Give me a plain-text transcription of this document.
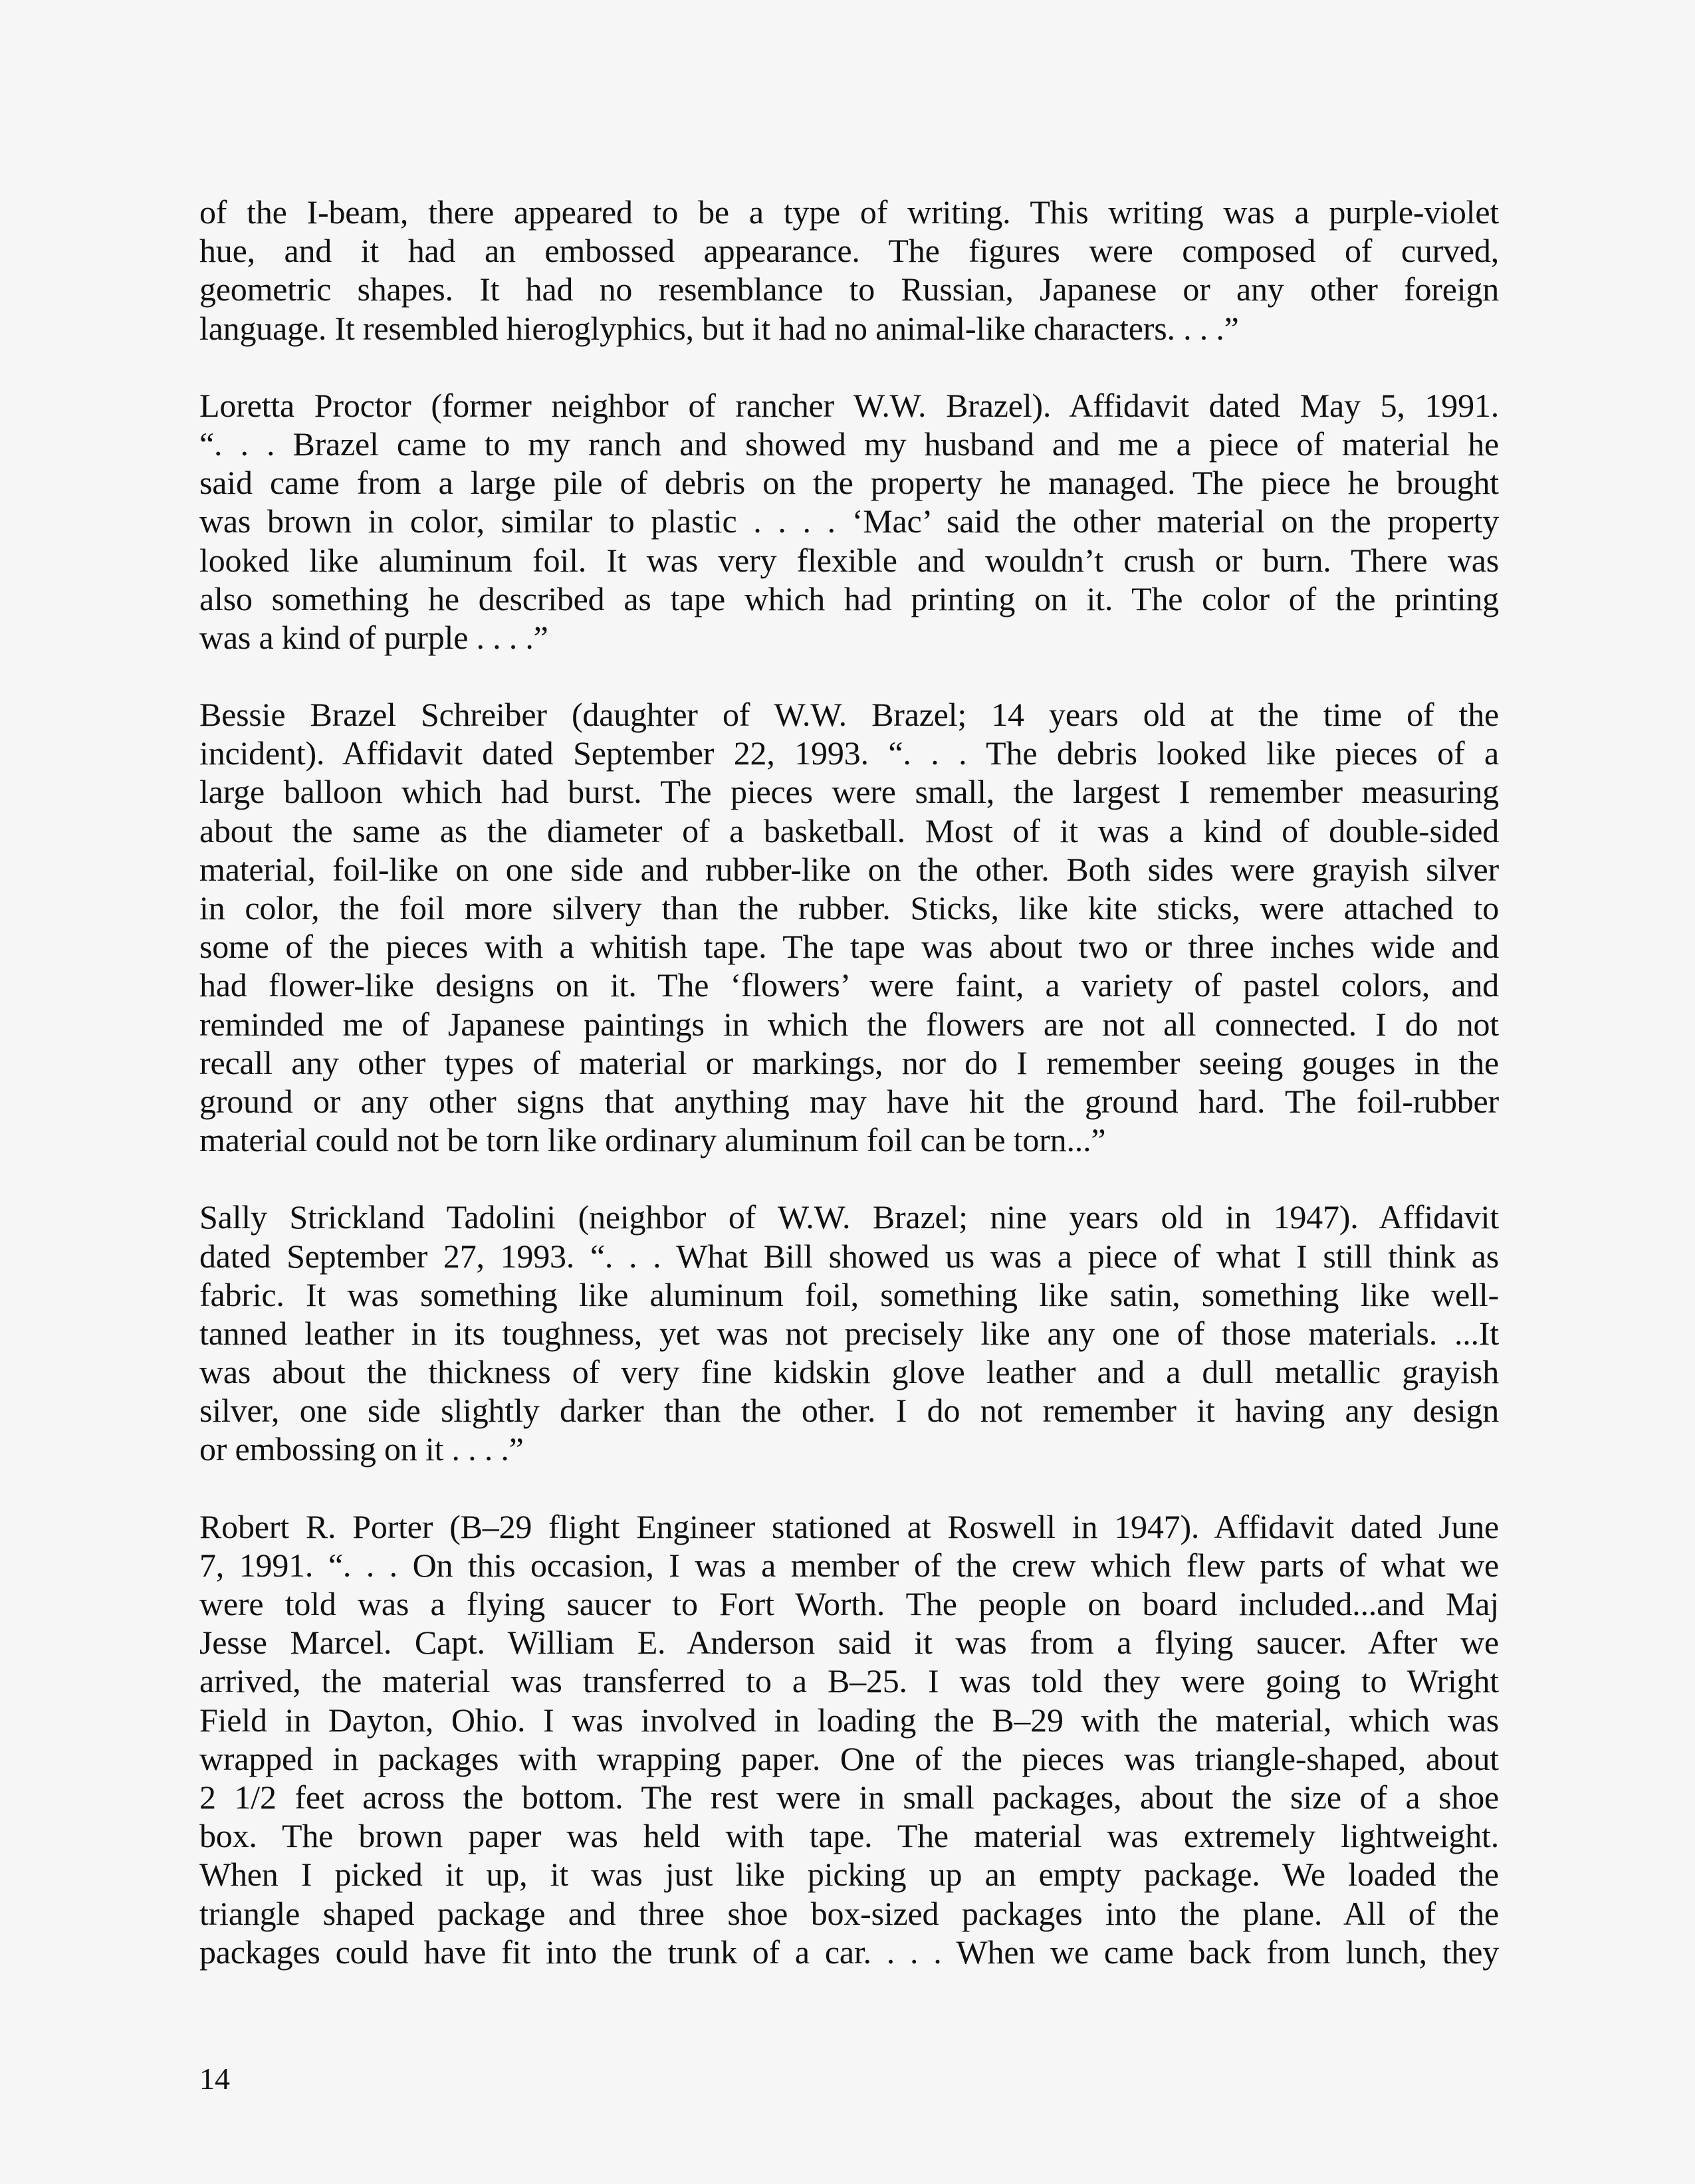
of the I-beam, there appeared to be a type of writing. This writing was a purple-violet
hue, and it had an embossed appearance. The figures were composed of curved,
geometric shapes. It had no resemblance to Russian, Japanese or any other foreign
language. It resembled hieroglyphics, but it had no animal-like characters. . . .”
Loretta Proctor (former neighbor of rancher W.W. Brazel). Affidavit dated May 5, 1991.
“. . . Brazel came to my ranch and showed my husband and me a piece of material he
said came from a large pile of debris on the property he managed. The piece he brought
was brown in color, similar to plastic . . . . ‘Mac’ said the other material on the property
looked like aluminum foil. It was very flexible and wouldn’t crush or burn. There was
also something he described as tape which had printing on it. The color of the printing
was a kind of purple . . . .”
Bessie Brazel Schreiber (daughter of W.W. Brazel; 14 years old at the time of the
incident). Affidavit dated September 22, 1993. “. . . The debris looked like pieces of a
large balloon which had burst. The pieces were small, the largest I remember measuring
about the same as the diameter of a basketball. Most of it was a kind of double-sided
material, foil-like on one side and rubber-like on the other. Both sides were grayish silver
in color, the foil more silvery than the rubber. Sticks, like kite sticks, were attached to
some of the pieces with a whitish tape. The tape was about two or three inches wide and
had flower-like designs on it. The ‘flowers’ were faint, a variety of pastel colors, and
reminded me of Japanese paintings in which the flowers are not all connected. I do not
recall any other types of material or markings, nor do I remember seeing gouges in the
ground or any other signs that anything may have hit the ground hard. The foil-rubber
material could not be torn like ordinary aluminum foil can be torn...”
Sally Strickland Tadolini (neighbor of W.W. Brazel; nine years old in 1947). Affidavit
dated September 27, 1993. “. . . What Bill showed us was a piece of what I still think as
fabric. It was something like aluminum foil, something like satin, something like well-
tanned leather in its toughness, yet was not precisely like any one of those materials. ...It
was about the thickness of very fine kidskin glove leather and a dull metallic grayish
silver, one side slightly darker than the other. I do not remember it having any design
or embossing on it . . . .”
Robert R. Porter (B–29 flight Engineer stationed at Roswell in 1947). Affidavit dated June
7, 1991. “. . . On this occasion, I was a member of the crew which flew parts of what we
were told was a flying saucer to Fort Worth. The people on board included...and Maj
Jesse Marcel. Capt. William E. Anderson said it was from a flying saucer. After we
arrived, the material was transferred to a B–25. I was told they were going to Wright
Field in Dayton, Ohio. I was involved in loading the B–29 with the material, which was
wrapped in packages with wrapping paper. One of the pieces was triangle-shaped, about
2 1/2 feet across the bottom. The rest were in small packages, about the size of a shoe
box. The brown paper was held with tape. The material was extremely lightweight.
When I picked it up, it was just like picking up an empty package. We loaded the
triangle shaped package and three shoe box-sized packages into the plane. All of the
packages could have fit into the trunk of a car. . . . When we came back from lunch, they
14
